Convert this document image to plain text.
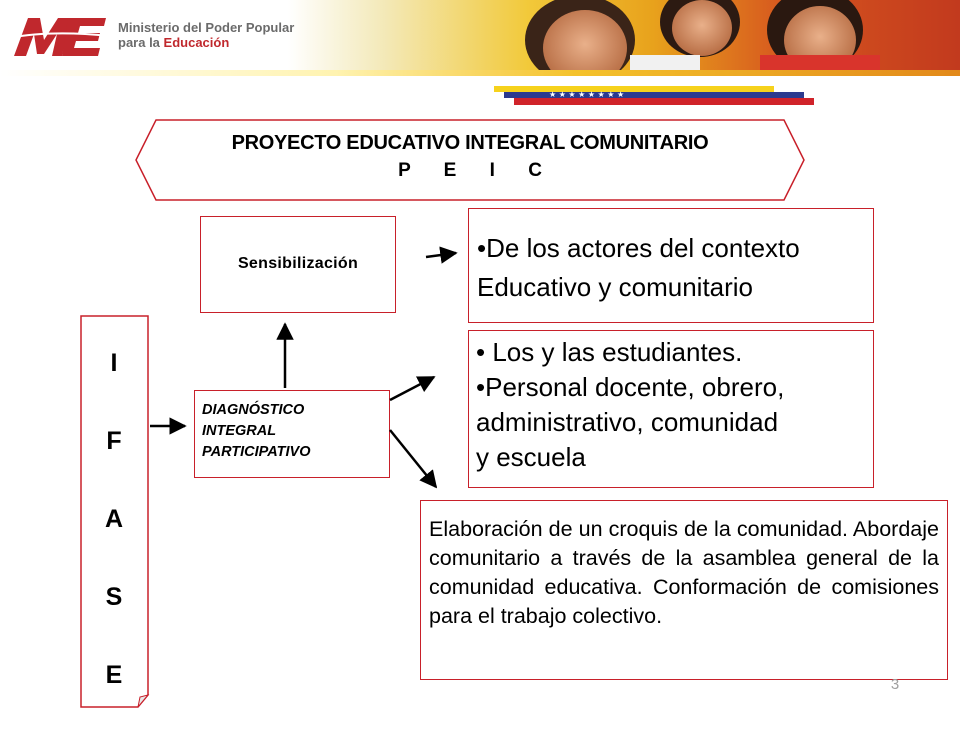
Ministerio del Poder Popular
para la Educación
★ ★ ★ ★ ★ ★ ★ ★
PROYECTO EDUCATIVO INTEGRAL COMUNITARIO
P E I C
Sensibilización

•De los actores del contexto
Educativo y comunitario

• Los y las estudiantes.
•Personal docente, obrero,
administrativo, comunidad
y escuela

DIAGNÓSTICO
INTEGRAL
PARTICIPATIVO

Elaboración de un croquis de la comunidad. Abordaje comunitario a través de la asamblea general de la comunidad educativa. Conformación de comisiones para el trabajo colectivo.

I
F
A
S
E	3
